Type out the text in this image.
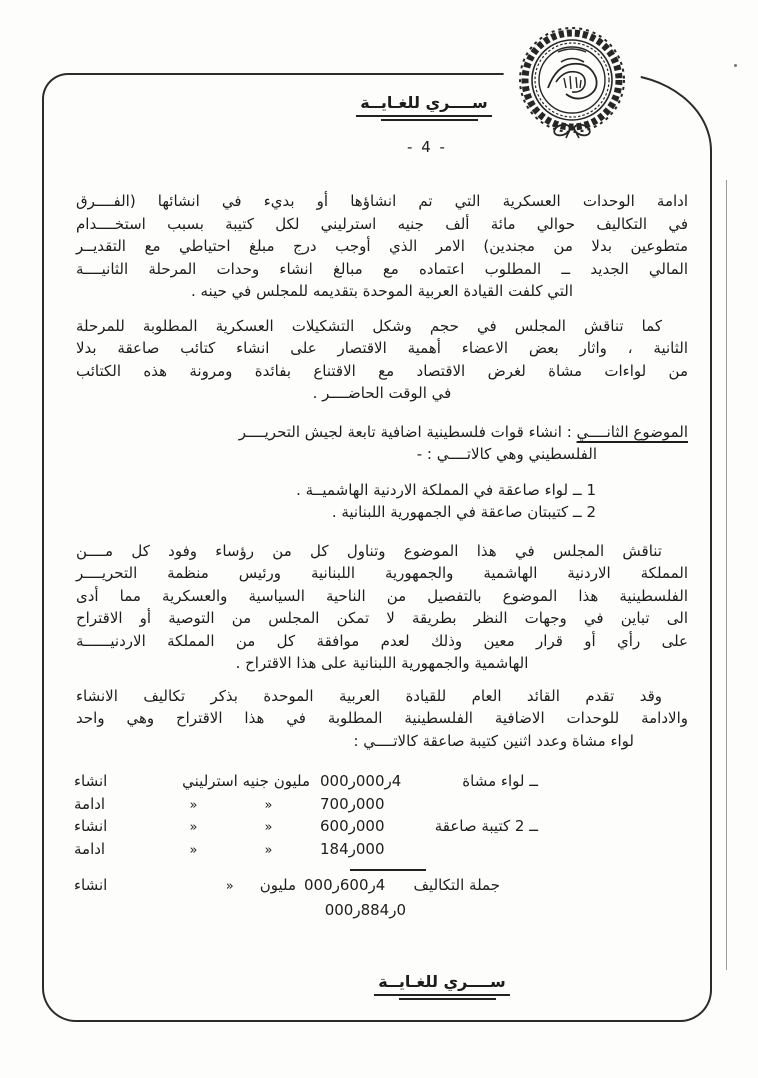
ســــري للغـايــة
- 4 -
ادامة الوحدات العسكرية التي تم انشاؤها أو بديء في انشائها (الفــــرق
في التكاليف حوالي مائة ألف جنيه استرليني لكل كتيبة بسبب استخــــدام
متطوعين بدلا من مجندين) الامر الذي أوجب درج مبلغ احتياطي مع التقديــر
المالي الجديد ــ المطلوب اعتماده مع مبالغ انشاء وحدات المرحلة الثانيــــة
التي كلفت القيادة العربية الموحدة بتقديمه للمجلس في حينه .
كما تناقش المجلس في حجم وشكل التشكيلات العسكرية المطلوبة للمرحلة
الثانية ، واثار بعض الاعضاء أهمية الاقتصار على انشاء كتائب صاعقة بدلا
من لواءات مشاة لغرض الاقتصاد مع الاقتناع بفائدة ومرونة هذه الكتائب
في الوقت الحاضــــر .
الموضوع الثانــــي : انشاء قوات فلسطينية اضافية تابعة لجيش التحريــــر
الفلسطيني وهي كالاتــــي : -
1 ــ لواء صاعقة في المملكة الاردنية الهاشميــة .
2 ــ كتيبتان صاعقة في الجمهورية اللبنانية .
تناقش المجلس في هذا الموضوع وتناول كل من رؤساء وفود كل مــــن
المملكة الاردنية الهاشمية والجمهورية اللبنانية ورئيس منظمة التحريــــر
الفلسطينية هذا الموضوع بالتفصيل من الناحية السياسية والعسكرية مما أدى
الى تباين في وجهات النظر بطريقة لا تمكن المجلس من التوصية أو الاقتراح
على رأي أو قرار معين وذلك لعدم موافقة كل من المملكة الاردنيــــــة
الهاشمية والجمهورية اللبنانية على هذا الاقتراح .
وقد تقدم القائد العام للقيادة العربية الموحدة بذكر تكاليف الانشاء
والادامة للوحدات الاضافية الفلسطينية المطلوبة في هذا الاقتراح وهي واحد
لواء مشاة وعدد اثنين كتيبة صاعقة كالاتــــي :
ــ لواء مشاة
000ر000ر4
مليون جنيه استرليني
انشاء
700ر000
«
«
ادامة
ــ 2 كتيبة صاعقة
600ر000
«
«
انشاء
184ر000
«
«
ادامة
جملة التكاليف
000ر600ر4
مليون
«
انشاء
000ر884ر0
ســــري للغـايــة
